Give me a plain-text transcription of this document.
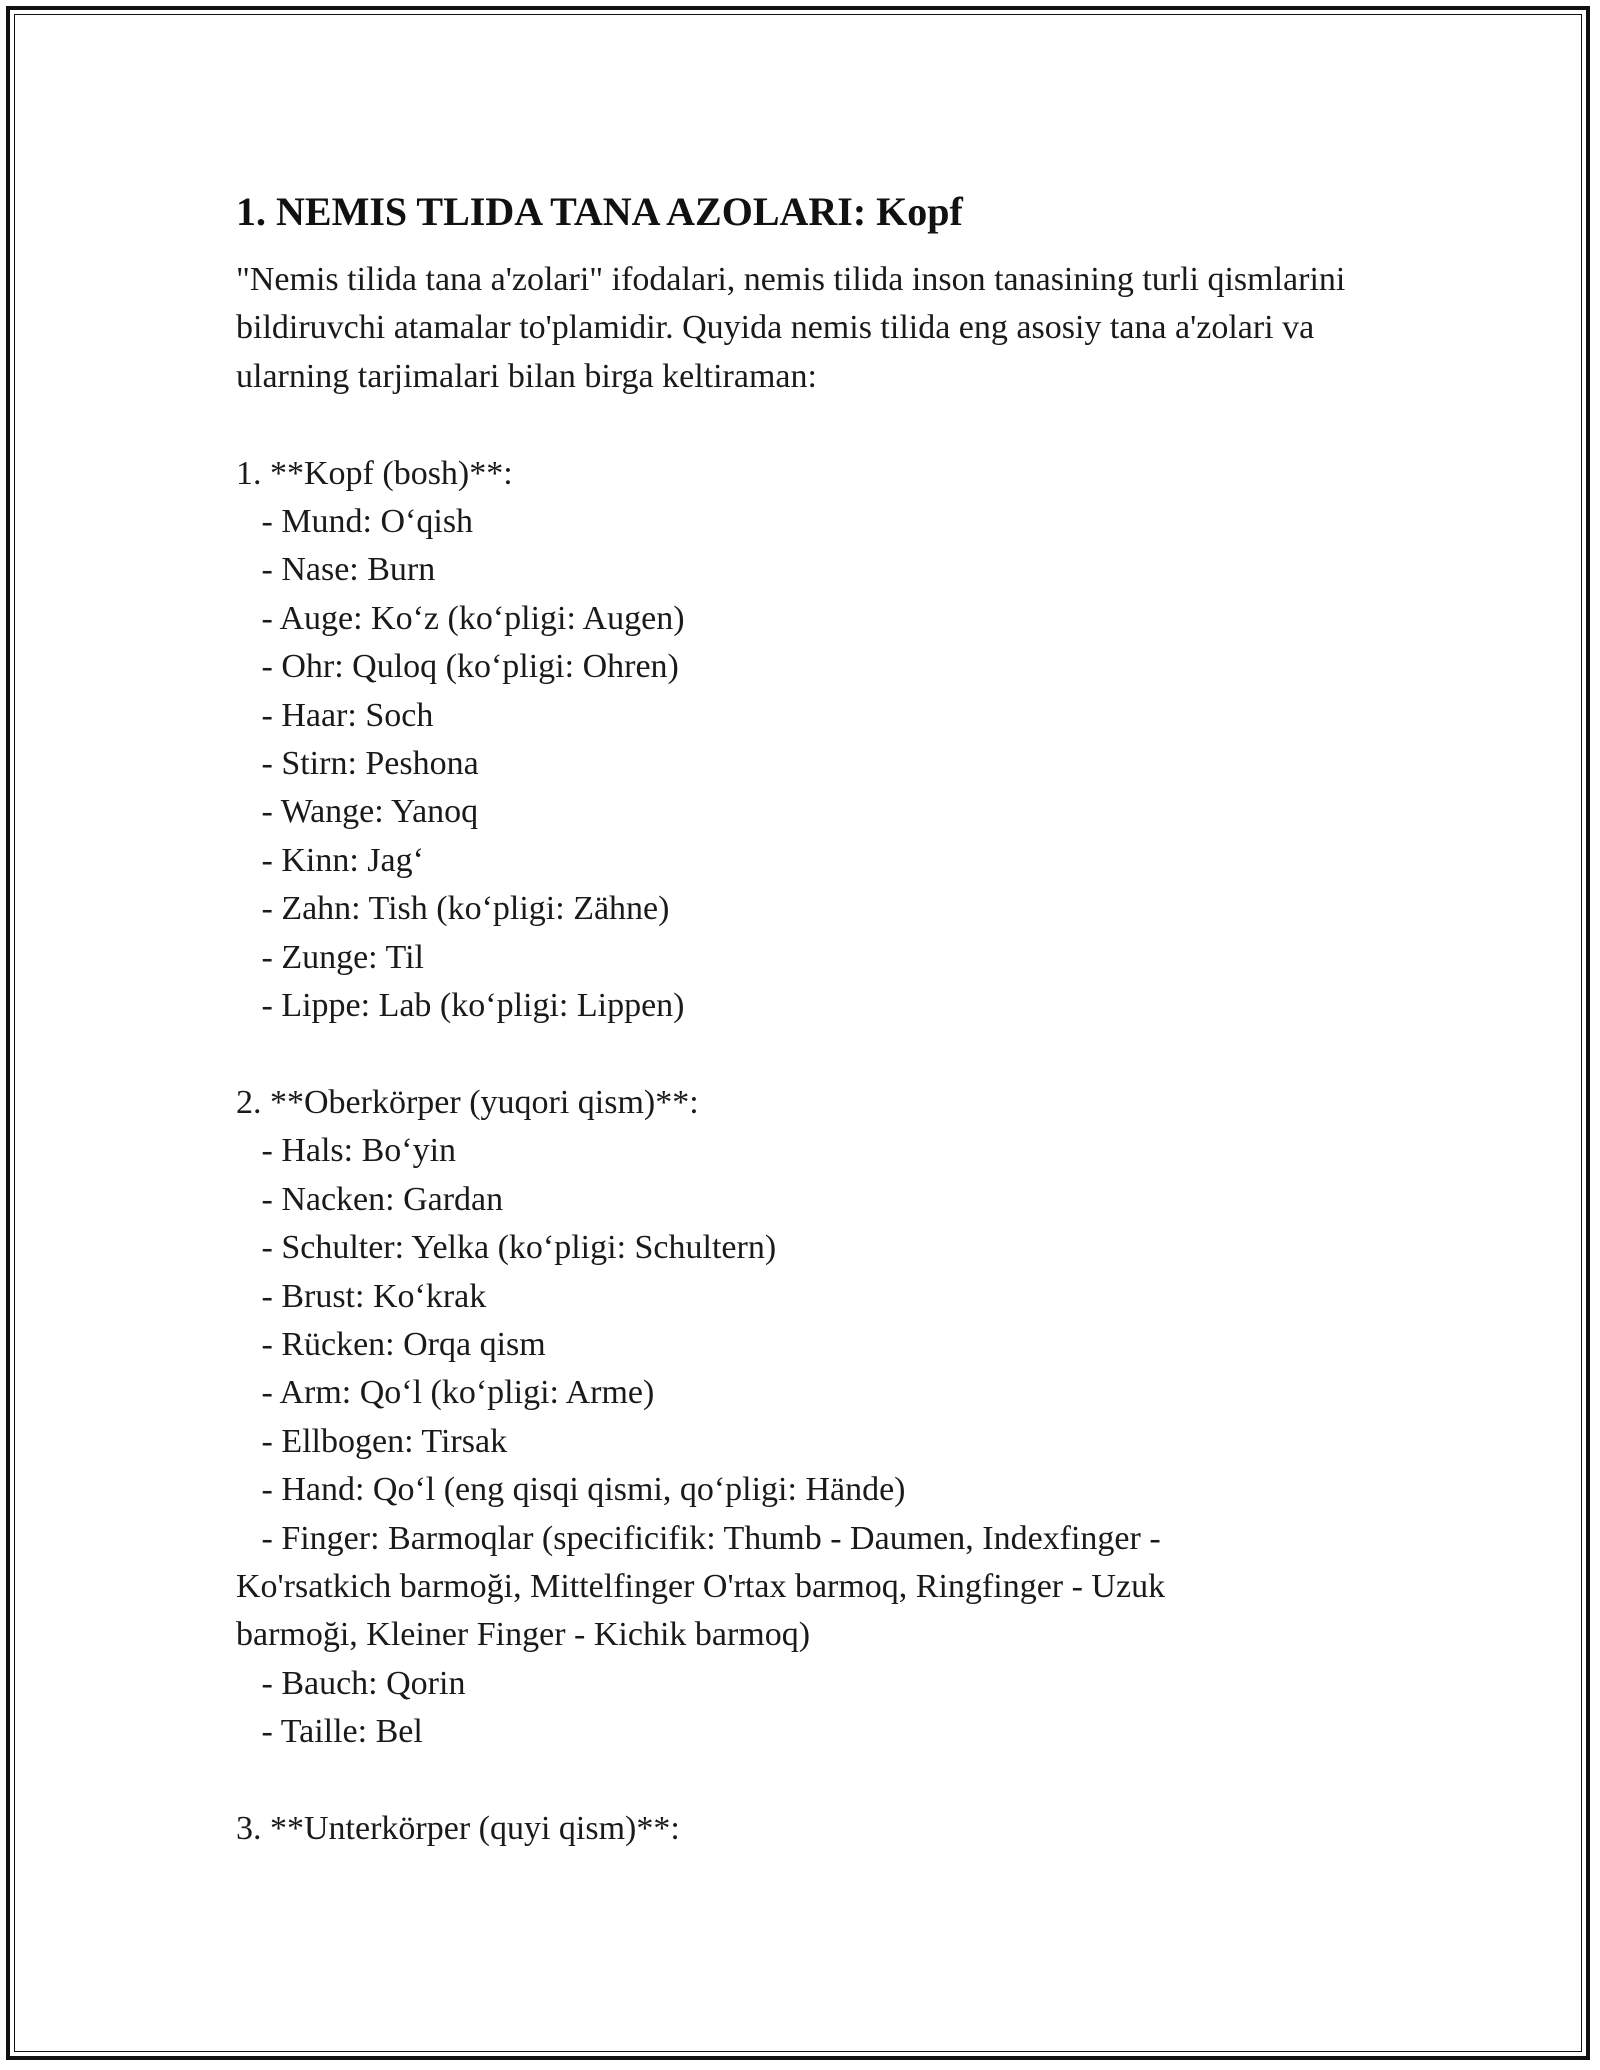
1. NEMIS TLIDA TANA AZOLARI: Kopf

"Nemis tilida tana a'zolari" ifodalari, nemis tilida inson tanasining turli qismlarini bildiruvchi atamalar to'plamidir. Quyida nemis tilida eng asosiy tana a'zolari va ularning tarjimalari bilan birga keltiraman:

1. **Kopf (bosh)**:

- Mund: O‘qish

- Nase: Burn

- Auge: Ko‘z (ko‘pligi: Augen)

- Ohr: Quloq (ko‘pligi: Ohren)

- Haar: Soch

- Stirn: Peshona

- Wange: Yanoq

- Kinn: Jag‘

- Zahn: Tish (ko‘pligi: Zähne)

- Zunge: Til

- Lippe: Lab (ko‘pligi: Lippen)

2. **Oberkörper (yuqori qism)**:

- Hals: Bo‘yin

- Nacken: Gardan

- Schulter: Yelka (ko‘pligi: Schultern)

- Brust: Ko‘krak

- Rücken: Orqa qism

- Arm: Qo‘l (ko‘pligi: Arme)

- Ellbogen: Tirsak

- Hand: Qo‘l (eng qisqi qismi, qo‘pligi: Hände)

- Finger: Barmoqlar (specificifik: Thumb - Daumen, Indexfinger -

Ko'rsatkich barmoği, Mittelfinger O'rtax barmoq, Ringfinger - Uzuk

barmoği, Kleiner Finger - Kichik barmoq)

- Bauch: Qorin

- Taille: Bel

3. **Unterkörper (quyi qism)**:
